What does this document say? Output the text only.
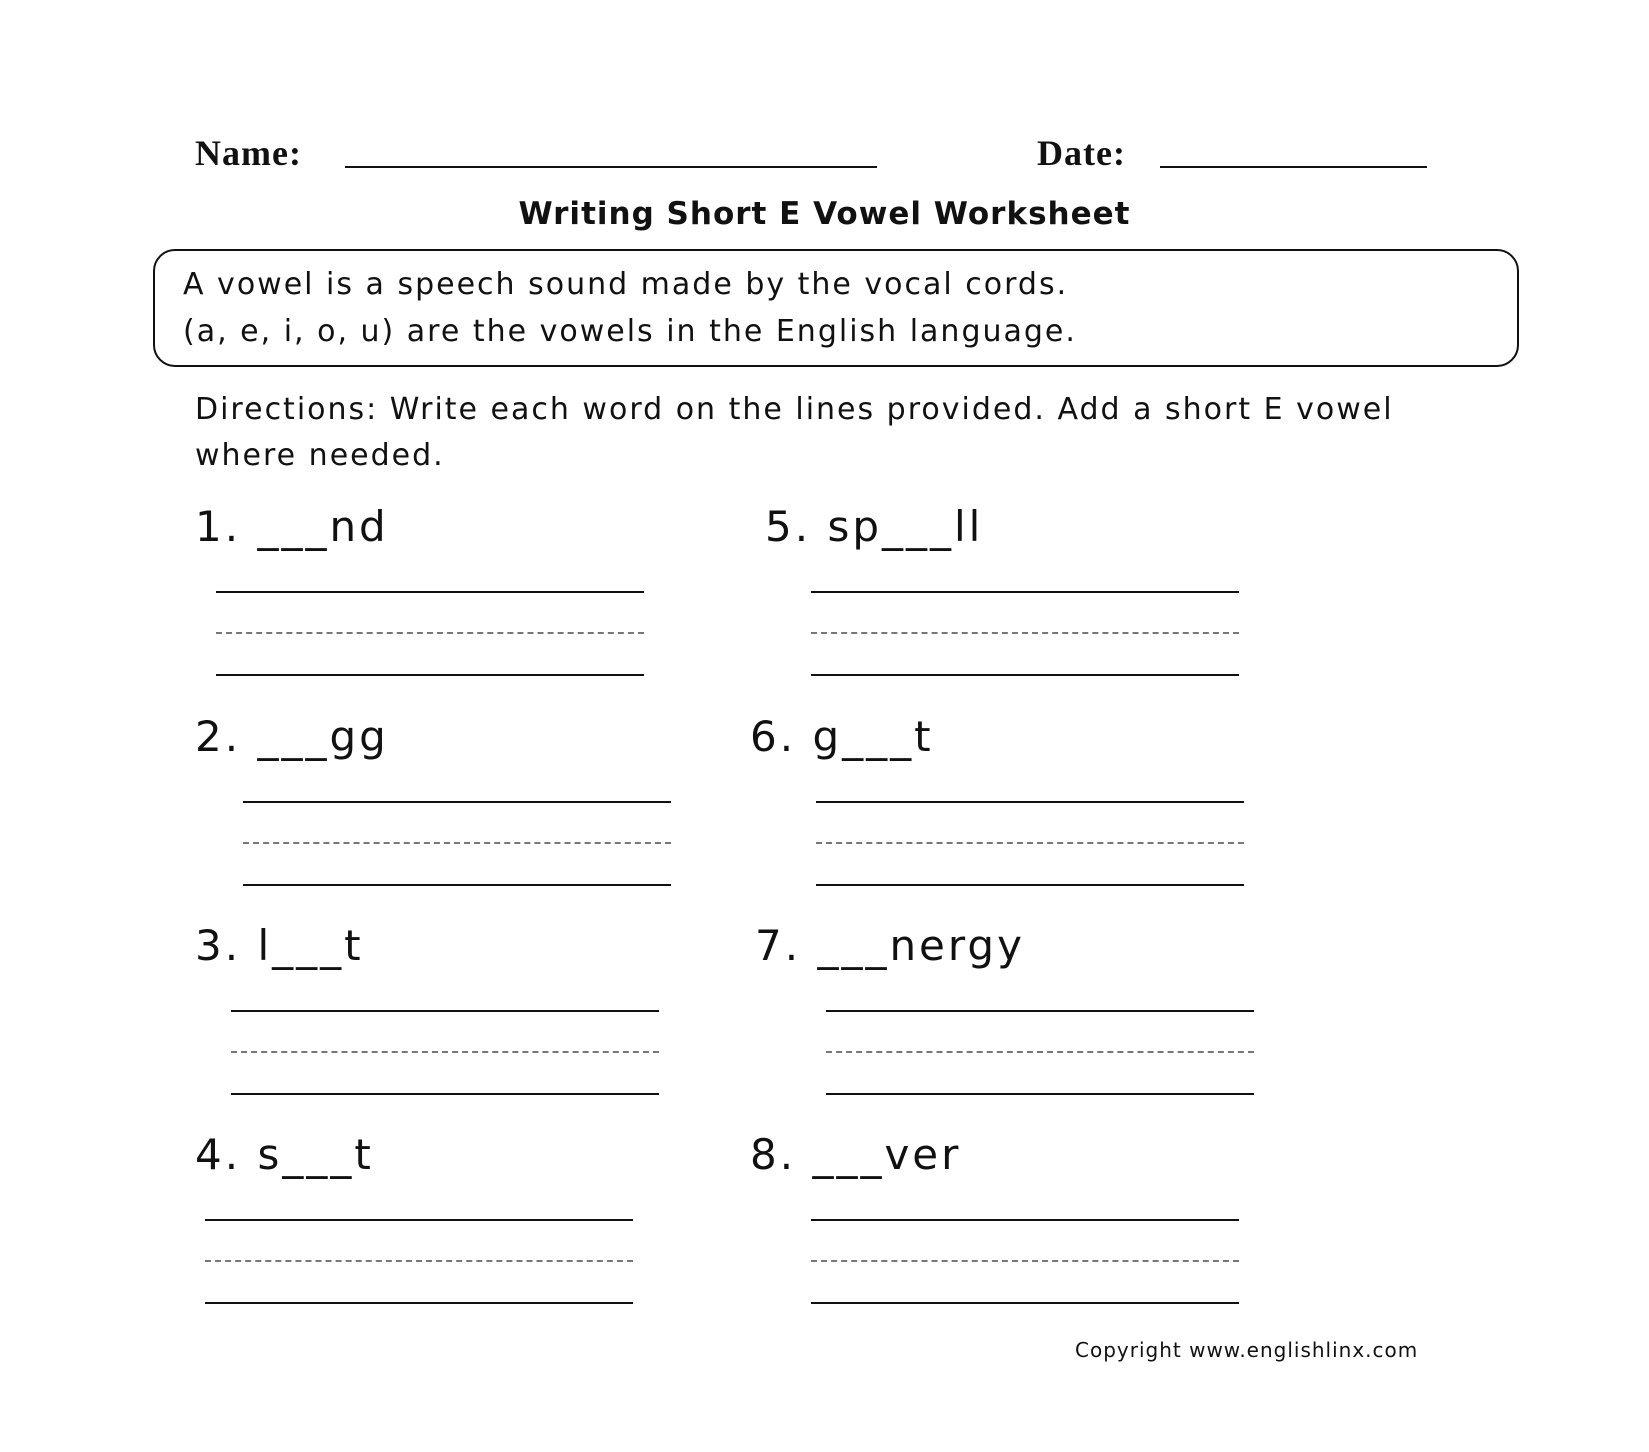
Name:	Date:
Writing Short E Vowel Worksheet
A vowel is a speech sound made by the vocal cords.
(a, e, i, o, u) are the vowels in the English language.
Directions: Write each word on the lines provided. Add a short E vowel where needed.
1. ___nd
2. ___gg
3. l___t
4. s___t
5. sp___ll
6. g___t
7. ___nergy
8. ___ver
Copyright www.englishlinx.com
